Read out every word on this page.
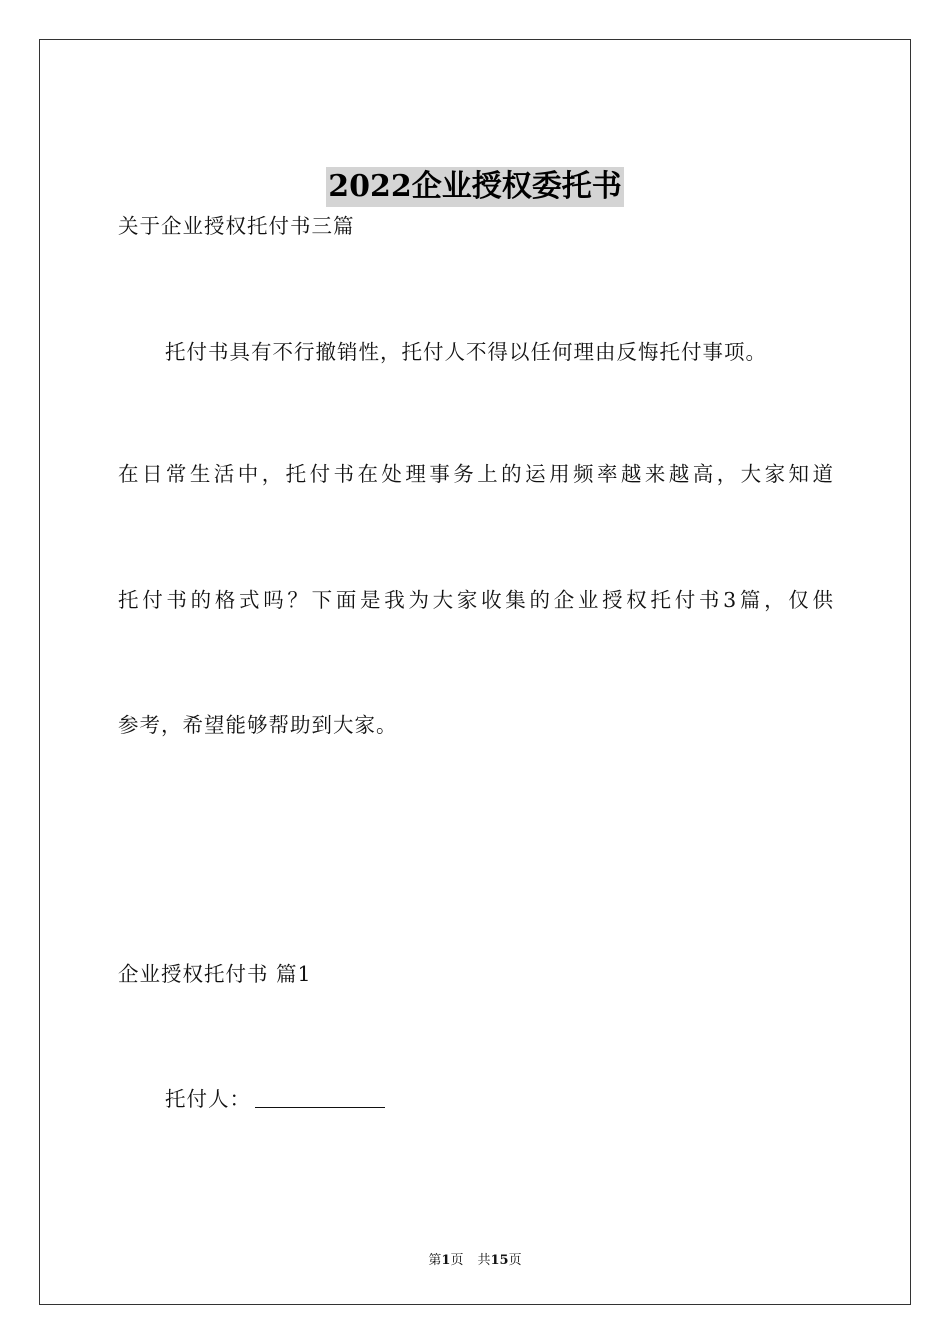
2022企业授权委托书
关于企业授权托付书三篇
托付书具有不行撤销性，托付人不得以任何理由反悔托付事项。
在日常生活中，托付书在处理事务上的运用频率越来越高，大家知道
托付书的格式吗？下面是我为大家收集的企业授权托付书3篇，仅供
参考，希望能够帮助到大家。
企业授权托付书 篇1
托付人：
第1页 共15页
